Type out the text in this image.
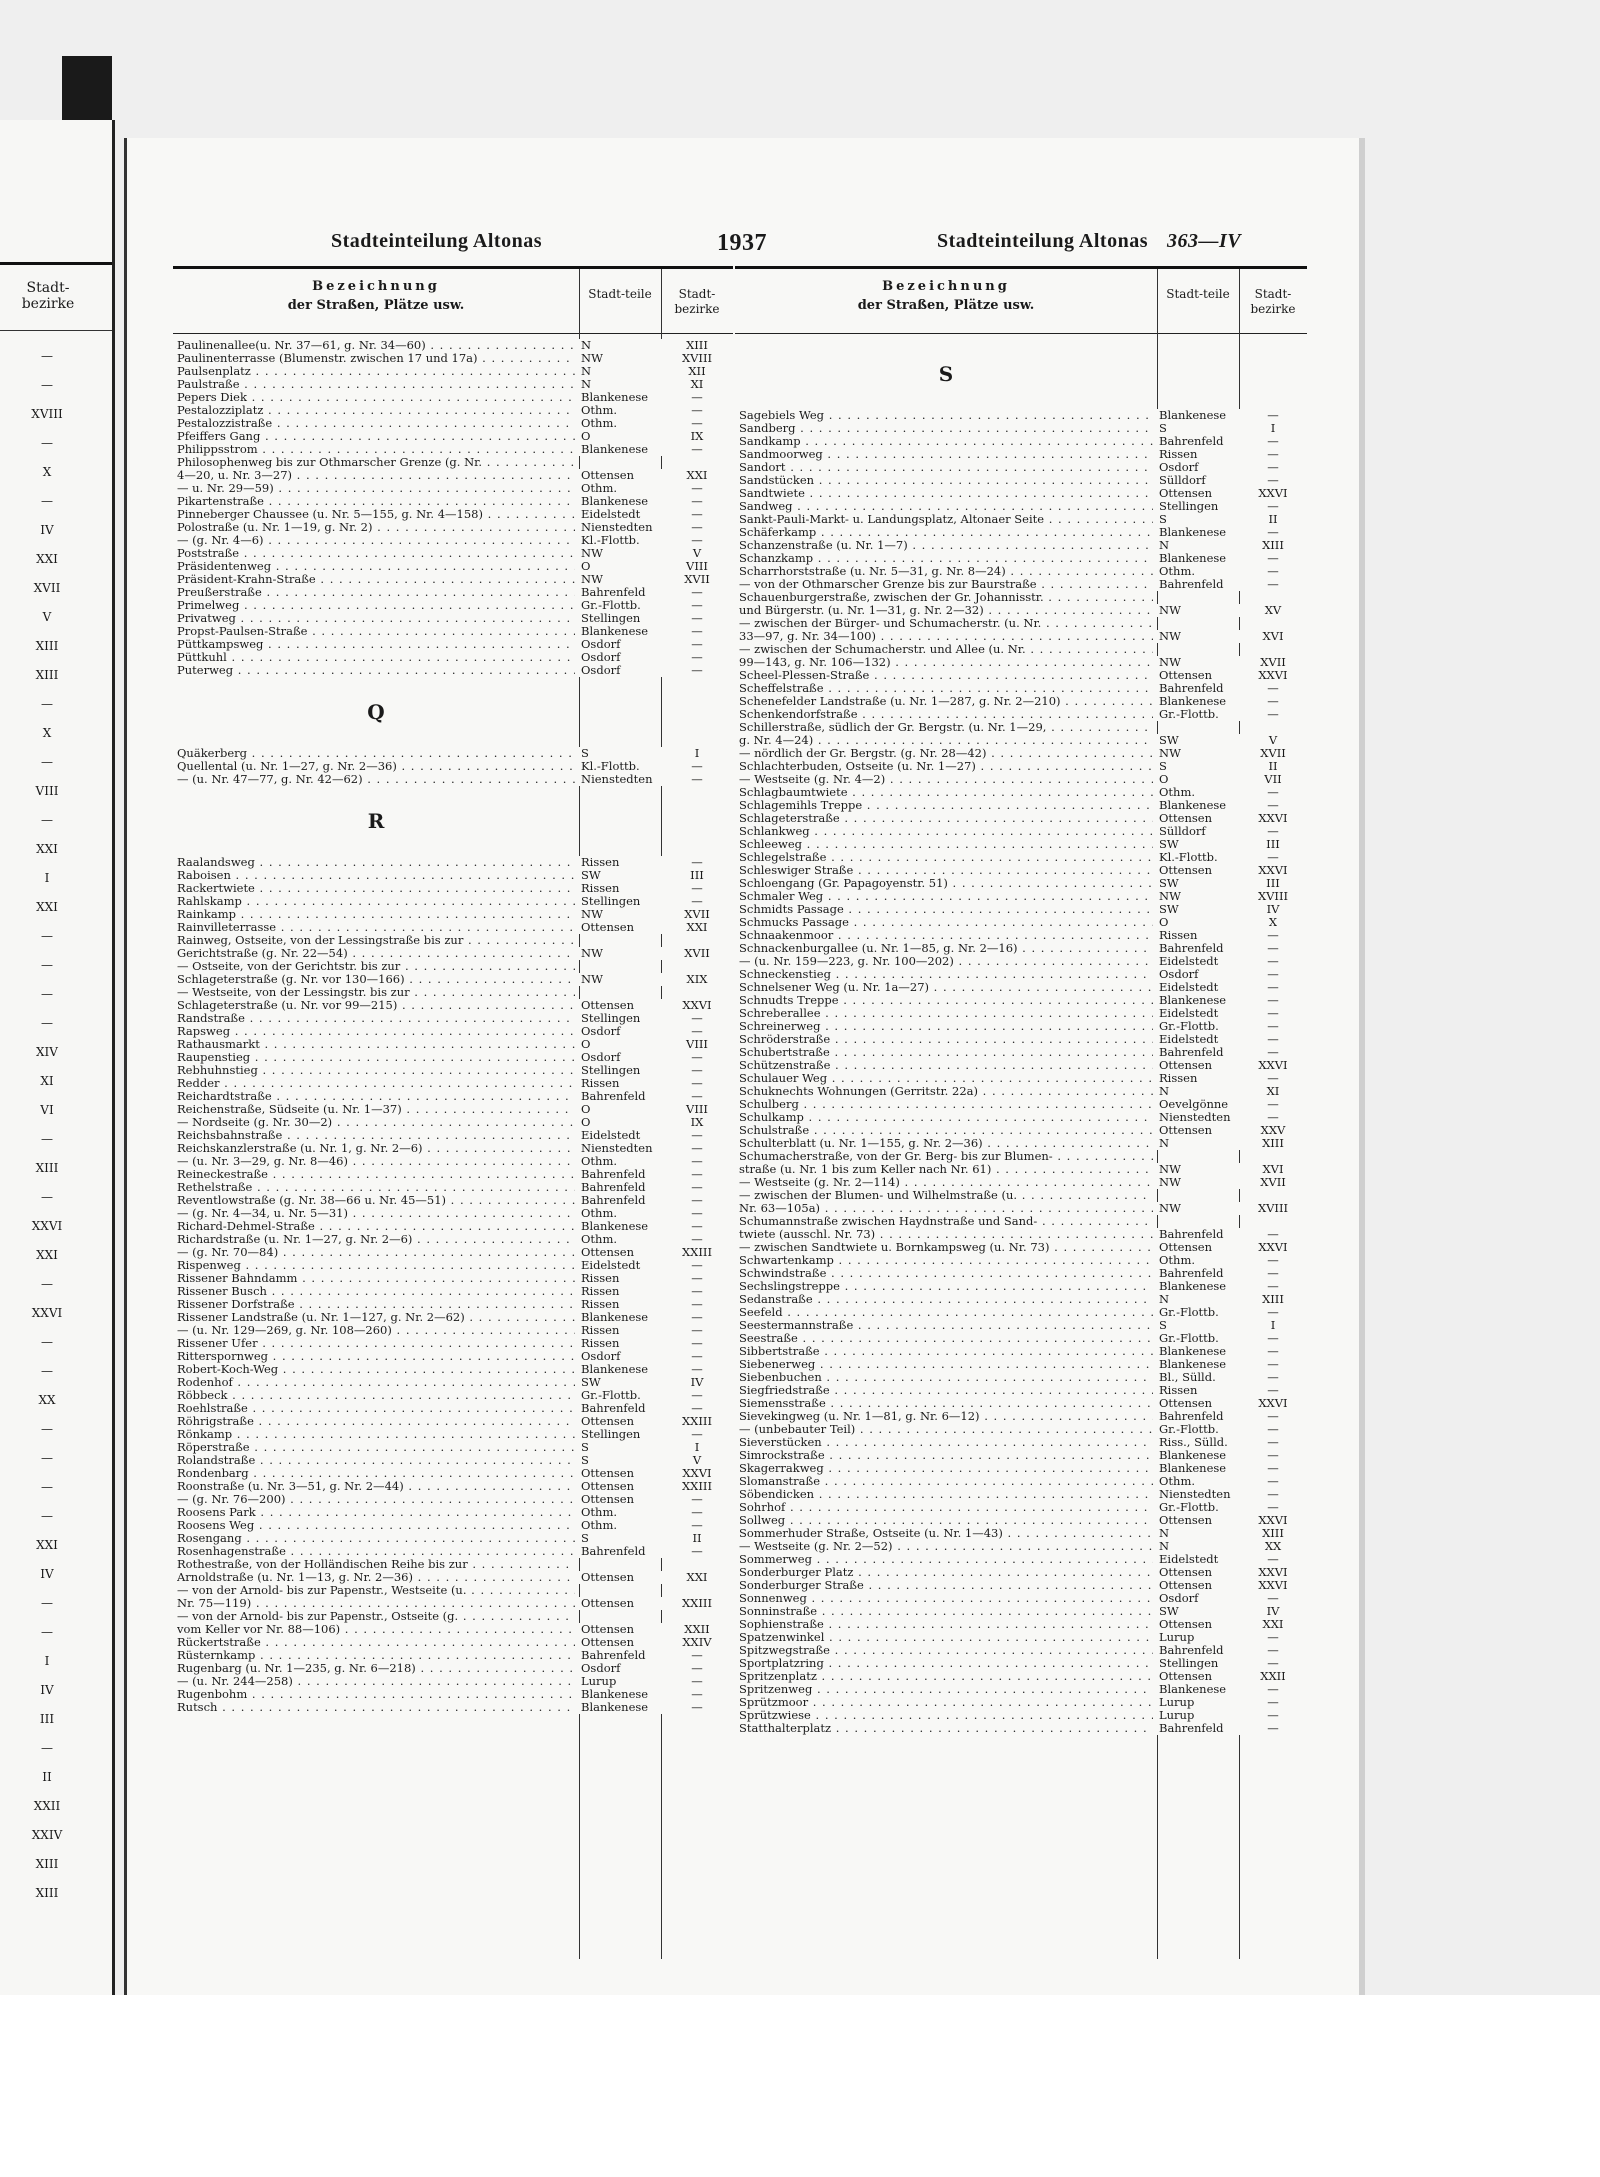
Stadt-bezirke
—
—
XVIII
—
X
—
IV
XXI
XVII
V
XIII
XIII
—
X
—
VIII
—
XXI
I
XXI
—
—
—
—
XIV
XI
VI
—
XIII
—
XXVI
XXI
—
XXVI
—
—
XX
—
—
—
—
XXI
IV
—
—
I
IV
III
—
II
XXII
XXIV
XIII
XIII
Stadteinteilung Altonas	1937	Stadteinteilung Altonas 363—IV
Bezeichnung
der Straßen, Plätze usw.
Stadt-teile	Stadt-bezirke
Paulinenallee(u. Nr. 37—61, g. Nr. 34—60) . . .	N	XIII
Paulinenterrasse (Blumenstr. zwischen 17 und 17a) . . .	NW	XVIII
Paulsenplatz . . .	N	XII
Paulstraße . . .	N	XI
Pepers Diek . . .	Blankenese	—
Pestalozziplatz . . .	Othm.	—
Pestalozzistraße . . .	Othm.	—
Pfeiffers Gang . . .	O	IX
Philippsstrom . . .	Blankenese	—
Philosophenweg bis zur Othmarscher Grenze (g. Nr. . . .
4—20, u. Nr. 3—27) . . .	Ottensen	XXI
— u. Nr. 29—59) . . .	Othm.	—
Pikartenstraße . . .	Blankenese	—
Pinneberger Chaussee (u. Nr. 5—155, g. Nr. 4—158) . . .	Eidelstedt	—
Polostraße (u. Nr. 1—19, g. Nr. 2) . . .	Nienstedten	—
— (g. Nr. 4—6) . . .	Kl.-Flottb.	—
Poststraße . . .	NW	V
Präsidentenweg . . .	O	VIII
Präsident-Krahn-Straße . . .	NW	XVII
Preußerstraße . . .	Bahrenfeld	—
Primelweg . . .	Gr.-Flottb.	—
Privatweg . . .	Stellingen	—
Propst-Paulsen-Straße . . .	Blankenese	—
Püttkampsweg . . .	Osdorf	—
Püttkuhl . . .	Osdorf	—
Puterweg . . .	Osdorf	—
Q
Quäkerberg . . .	S	I
Quellental (u. Nr. 1—27, g. Nr. 2—36) . . .	Kl.-Flottb.	—
— (u. Nr. 47—77, g. Nr. 42—62) . . .	Nienstedten	—
R
Raalandsweg . . .	Rissen	—
Raboisen . . .	SW	III
Rackertwiete . . .	Rissen	—
Rahlskamp . . .	Stellingen	—
Rainkamp . . .	NW	XVII
Rainvilleterrasse . . .	Ottensen	XXI
Rainweg, Ostseite, von der Lessingstraße bis zur . . .
Gerichtstraße (g. Nr. 22—54) . . .	NW	XVII
— Ostseite, von der Gerichtstr. bis zur . . .
Schlageterstraße (g. Nr. vor 130—166) . . .	NW	XIX
— Westseite, von der Lessingstr. bis zur . . .
Schlageterstraße (u. Nr. vor 99—215) . . .	Ottensen	XXVI
Randstraße . . .	Stellingen	—
Rapsweg . . .	Osdorf	—
Rathausmarkt . . .	O	VIII
Raupenstieg . . .	Osdorf	—
Rebhuhnstieg . . .	Stellingen	—
Redder . . .	Rissen	—
Reichardtstraße . . .	Bahrenfeld	—
Reichenstraße, Südseite (u. Nr. 1—37) . . .	O	VIII
— Nordseite (g. Nr. 30—2) . . .	O	IX
Reichsbahnstraße . . .	Eidelstedt	—
Reichskanzlerstraße (u. Nr. 1, g. Nr. 2—6) . . .	Nienstedten	—
— (u. Nr. 3—29, g. Nr. 8—46) . . .	Othm.	—
Reineckestraße . . .	Bahrenfeld	—
Rethelstraße . . .	Bahrenfeld	—
Reventlowstraße (g. Nr. 38—66 u. Nr. 45—51) . . .	Bahrenfeld	—
— (g. Nr. 4—34, u. Nr. 5—31) . . .	Othm.	—
Richard-Dehmel-Straße . . .	Blankenese	—
Richardstraße (u. Nr. 1—27, g. Nr. 2—6) . . .	Othm.	—
— (g. Nr. 70—84) . . .	Ottensen	XXIII
Rispenweg . . .	Eidelstedt	—
Rissener Bahndamm . . .	Rissen	—
Rissener Busch . . .	Rissen	—
Rissener Dorfstraße . . .	Rissen	—
Rissener Landstraße (u. Nr. 1—127, g. Nr. 2—62) . . .	Blankenese	—
— (u. Nr. 129—269, g. Nr. 108—260) . . .	Rissen	—
Rissener Ufer . . .	Rissen	—
Ritterspornweg . . .	Osdorf	—
Robert-Koch-Weg . . .	Blankenese	—
Rodenhof . . .	SW	IV
Röbbeck . . .	Gr.-Flottb.	—
Roehlstraße . . .	Bahrenfeld	—
Röhrigstraße . . .	Ottensen	XXIII
Rönkamp . . .	Stellingen	—
Röperstraße . . .	S	I
Rolandstraße . . .	S	V
Rondenbarg . . .	Ottensen	XXVI
Roonstraße (u. Nr. 3—51, g. Nr. 2—44) . . .	Ottensen	XXIII
— (g. Nr. 76—200) . . .	Ottensen	—
Roosens Park . . .	Othm.	—
Roosens Weg . . .	Othm.	—
Rosengang . . .	S	II
Rosenhagenstraße . . .	Bahrenfeld	—
Rothestraße, von der Holländischen Reihe bis zur . . .
Arnoldstraße (u. Nr. 1—13, g. Nr. 2—36) . . .	Ottensen	XXI
— von der Arnold- bis zur Papenstr., Westseite (u. . . .
Nr. 75—119) . . .	Ottensen	XXIII
— von der Arnold- bis zur Papenstr., Ostseite (g. . . .
vom Keller vor Nr. 88—106) . . .	Ottensen	XXII
Rückertstraße . . .	Ottensen	XXIV
Rüsternkamp . . .	Bahrenfeld	—
Rugenbarg (u. Nr. 1—235, g. Nr. 6—218) . . .	Osdorf	—
— (u. Nr. 244—258) . . .	Lurup	—
Rugenbohm . . .	Blankenese	—
Rutsch . . .	Blankenese	—
Bezeichnung
der Straßen, Plätze usw.
Stadt-teile	Stadt-bezirke
S
Sagebiels Weg . . .	Blankenese	—
Sandberg . . .	S	I
Sandkamp . . .	Bahrenfeld	—
Sandmoorweg . . .	Rissen	—
Sandort . . .	Osdorf	—
Sandstücken . . .	Sülldorf	—
Sandtwiete . . .	Ottensen	XXVI
Sandweg . . .	Stellingen	—
Sankt-Pauli-Markt- u. Landungsplatz, Altonaer Seite . . .	S	II
Schäferkamp . . .	Blankenese	—
Schanzenstraße (u. Nr. 1—7) . . .	N	XIII
Schanzkamp . . .	Blankenese	—
Scharrhorststraße (u. Nr. 5—31, g. Nr. 8—24) . . .	Othm.	—
— von der Othmarscher Grenze bis zur Baurstraße . . .	Bahrenfeld	—
Schauenburgerstraße, zwischen der Gr. Johannisstr. . . .
und Bürgerstr. (u. Nr. 1—31, g. Nr. 2—32) . . .	NW	XV
— zwischen der Bürger- und Schumacherstr. (u. Nr. . . .
33—97, g. Nr. 34—100) . . .	NW	XVI
— zwischen der Schumacherstr. und Allee (u. Nr. . . .
99—143, g. Nr. 106—132) . . .	NW	XVII
Scheel-Plessen-Straße . . .	Ottensen	XXVI
Scheffelstraße . . .	Bahrenfeld	—
Schenefelder Landstraße (u. Nr. 1—287, g. Nr. 2—210) . . .	Blankenese	—
Schenkendorfstraße . . .	Gr.-Flottb.	—
Schillerstraße, südlich der Gr. Bergstr. (u. Nr. 1—29, . . .
g. Nr. 4—24) . . .	SW	V
— nördlich der Gr. Bergstr. (g. Nr. 28—42) . . .	NW	XVII
Schlachterbuden, Ostseite (u. Nr. 1—27) . . .	S	II
— Westseite (g. Nr. 4—2) . . .	O	VII
Schlagbaumtwiete . . .	Othm.	—
Schlagemihls Treppe . . .	Blankenese	—
Schlageterstraße . . .	Ottensen	XXVI
Schlankweg . . .	Sülldorf	—
Schleeweg . . .	SW	III
Schlegelstraße . . .	Kl.-Flottb.	—
Schleswiger Straße . . .	Ottensen	XXVI
Schloengang (Gr. Papagoyenstr. 51) . . .	SW	III
Schmaler Weg . . .	NW	XVIII
Schmidts Passage . . .	SW	IV
Schmucks Passage . . .	O	X
Schnaakenmoor . . .	Rissen	—
Schnackenburgallee (u. Nr. 1—85, g. Nr. 2—16) . . .	Bahrenfeld	—
— (u. Nr. 159—223, g. Nr. 100—202) . . .	Eidelstedt	—
Schneckenstieg . . .	Osdorf	—
Schnelsener Weg (u. Nr. 1a—27) . . .	Eidelstedt	—
Schnudts Treppe . . .	Blankenese	—
Schreberallee . . .	Eidelstedt	—
Schreinerweg . . .	Gr.-Flottb.	—
Schröderstraße . . .	Eidelstedt	—
Schubertstraße . . .	Bahrenfeld	—
Schützenstraße . . .	Ottensen	XXVI
Schulauer Weg . . .	Rissen	—
Schuknechts Wohnungen (Gerritstr. 22a) . . .	N	XI
Schulberg . . .	Oevelgönne	—
Schulkamp . . .	Nienstedten	—
Schulstraße . . .	Ottensen	XXV
Schulterblatt (u. Nr. 1—155, g. Nr. 2—36) . . .	N	XIII
Schumacherstraße, von der Gr. Berg- bis zur Blumen- . . .
straße (u. Nr. 1 bis zum Keller nach Nr. 61) . . .	NW	XVI
— Westseite (g. Nr. 2—114) . . .	NW	XVII
— zwischen der Blumen- und Wilhelmstraße (u. . . .
Nr. 63—105a) . . .	NW	XVIII
Schumannstraße zwischen Haydnstraße und Sand- . . .
twiete (ausschl. Nr. 73) . . .	Bahrenfeld	—
— zwischen Sandtwiete u. Bornkampsweg (u. Nr. 73) . . .	Ottensen	XXVI
Schwartenkamp . . .	Othm.	—
Schwindstraße . . .	Bahrenfeld	—
Sechslingstreppe . . .	Blankenese	—
Sedanstraße . . .	N	XIII
Seefeld . . .	Gr.-Flottb.	—
Seestermannstraße . . .	S	I
Seestraße . . .	Gr.-Flottb.	—
Sibbertstraße . . .	Blankenese	—
Siebenerweg . . .	Blankenese	—
Siebenbuchen . . .	Bl., Sülld.	—
Siegfriedstraße . . .	Rissen	—
Siemensstraße . . .	Ottensen	XXVI
Sievekingweg (u. Nr. 1—81, g. Nr. 6—12) . . .	Bahrenfeld	—
— (unbebauter Teil) . . .	Gr.-Flottb.	—
Sieverstücken . . .	Riss., Sülld.	—
Simrockstraße . . .	Blankenese	—
Skagerrakweg . . .	Blankenese	—
Slomanstraße . . .	Othm.	—
Söbendicken . . .	Nienstedten	—
Sohrhof . . .	Gr.-Flottb.	—
Sollweg . . .	Ottensen	XXVI
Sommerhuder Straße, Ostseite (u. Nr. 1—43) . . .	N	XIII
— Westseite (g. Nr. 2—52) . . .	N	XX
Sommerweg . . .	Eidelstedt	—
Sonderburger Platz . . .	Ottensen	XXVI
Sonderburger Straße . . .	Ottensen	XXVI
Sonnenweg . . .	Osdorf	—
Sonninstraße . . .	SW	IV
Sophienstraße . . .	Ottensen	XXI
Spatzenwinkel . . .	Lurup	—
Spitzwegstraße . . .	Bahrenfeld	—
Sportplatzring . . .	Stellingen	—
Spritzenplatz . . .	Ottensen	XXII
Spritzenweg . . .	Blankenese	—
Sprützmoor . . .	Lurup	—
Sprützwiese . . .	Lurup	—
Statthalterplatz . . .	Bahrenfeld	—
